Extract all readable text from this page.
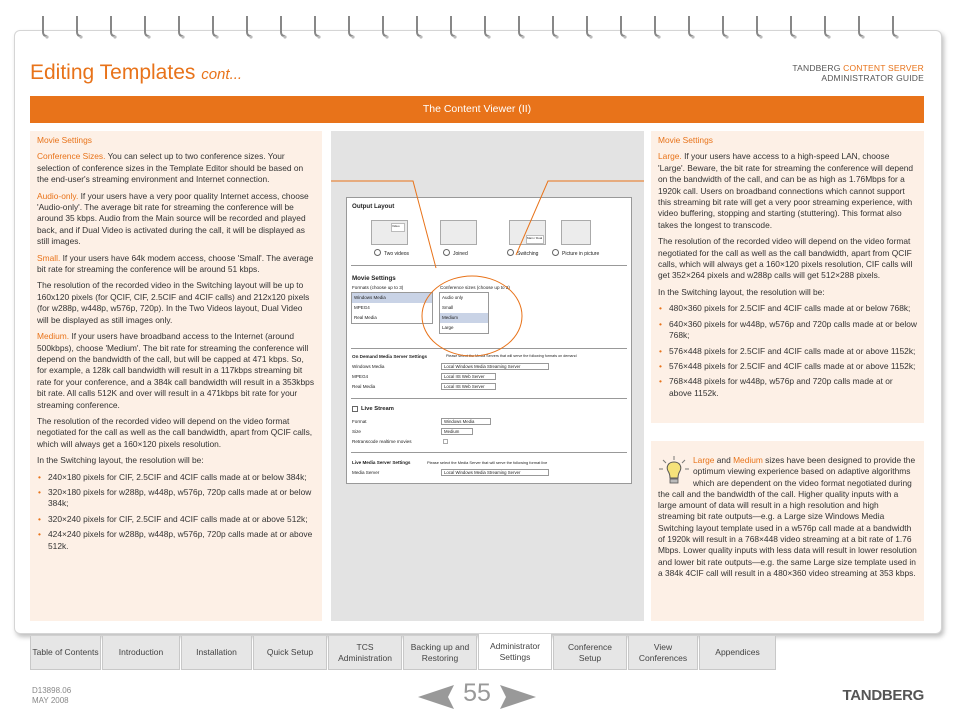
Editing Templates cont...	TANDBERG CONTENT SERVER
ADMINISTRATOR GUIDE
The Content Viewer (II)

Movie Settings

Conference Sizes. You can select up to two conference sizes. Your selection of conference sizes in the Template Editor should be based on the end-user's streaming environment and Internet connection.

Audio-only. If your users have a very poor quality Internet access, choose 'Audio-only'. The average bit rate for streaming the conference will be around 35 kbps. Audio from the Main source will be recorded and played back, and if Dual Video is activated during the call, it will be displayed as still images.

Small. If your users have 64k modem access, choose 'Small'. The average bit rate for streaming the conference will be around 51 kbps.

The resolution of the recorded video in the Switching layout will be up to 160x120 pixels (for QCIF, CIF, 2.5CIF and 4CIF calls) and 212x120 pixels (for w288p, w448p, w576p, 720p). In the Two Videos layout, Dual Video will be displayed as still images only.

Medium. If your users have broadband access to the Internet (around 500kbps), choose 'Medium'. The bit rate for streaming the conference will depend on the bandwidth of the call, but will be capped at 471 kbps. So, for example, a 128k call bandwidth will result in a 117kbps streaming bit rate for your conference, and a 384k call bandwidth will result in a 353kbps bit rate. All calls 512K and over will result in a 471kbps bit rate for your streaming conference.

The resolution of the recorded video will depend on the video format negotiated for the call as well as the call bandwidth, apart from QCIF calls, which will always get a 160×120 pixels resolution.

In the Switching layout, the resolution will be:

• 240×180 pixels for CIF, 2.5CIF and 4CIF calls made at or below 384k;
• 320×180 pixels for w288p, w448p, w576p, 720p calls made at or below 384k;
• 320×240 pixels for CIF, 2.5CIF and 4CIF calls made at or above 512k;
• 424×240 pixels for w288p, w448p, w576p, 720p calls made at or above 512k.
Output Layout
Video
Main / Dual
Two videos	Joined	Switching	Picture in picture
Movie Settings
Formats (choose up to 3)	Conference sizes (choose up to 2)
Windows Media
MPEG4
Real Media
Audio only
Small
Medium
Large
On Demand Media Server Settings	Please select the Media Servers that will serve the following formats on demand
Windows Media	Local Windows Media Streaming Server
MPEG4	Local IIS Web Server
Real Media	Local IIS Web Server
Live Stream
Format	Windows Media
Size	Medium
Retranscode realtime movies
Live Media Server Settings	Please select the Media Server that will serve the following format live
Media Server	Local Windows Media Streaming Server

Movie Settings

Large. If your users have access to a high-speed LAN, choose 'Large'. Beware, the bit rate for streaming the conference will depend on the bandwidth of the call, and can be as high as 1.76Mbps for a 1920k call. Users on broadband connections which cannot support this streaming bit rate will get a very poor streaming experience, with video buffering, stopping and starting (stuttering). This format also takes the longest to transcode.

The resolution of the recorded video will depend on the video format negotiated for the call as well as the call bandwidth, apart from QCIF calls, which will always get a 160×120 pixels resolution, CIF calls will get 352×264 pixels and w288p calls will get 512×288 pixels.

In the Switching layout, the resolution will be:

• 480×360 pixels for 2.5CIF and 4CIF calls made at or below 768k;
• 640×360 pixels for w448p, w576p and 720p calls made at or below 768k;
• 576×448 pixels for 2.5CIF and 4CIF calls made at or above 1152k;
• 576×448 pixels for 2.5CIF and 4CIF calls made at or above 1152k;
• 768×448 pixels for w448p, w576p and 720p calls made at or above 1152k.
Large and Medium sizes have been designed to provide the optimum viewing experience based on adaptive algorithms which are dependent on the video format negotiated during the call and the bandwidth of the call. Higher quality inputs with a large amount of data will result in a high resolution and high streaming bit rate outputs—e.g. a Large size Windows Media Switching layout template used in a w576p call made at a bandwidth of 1920k will result in a 768×448 video streaming at a bit rate of 1.76 Mbps. Lower quality inputs with less data will result in lower resolution and lower bit rate outputs—e.g. the same Large size template used in a 384k 4CIF call will result in a 480×360 video streaming at 353 kbps.
Table of Contents	Introduction	Installation	Quick Setup
TCS Administration
Backing up and Restoring
Administrator Settings
Conference Setup
View Conferences
Appendices
D13898.06
MAY 2008	55	TANDBERG
